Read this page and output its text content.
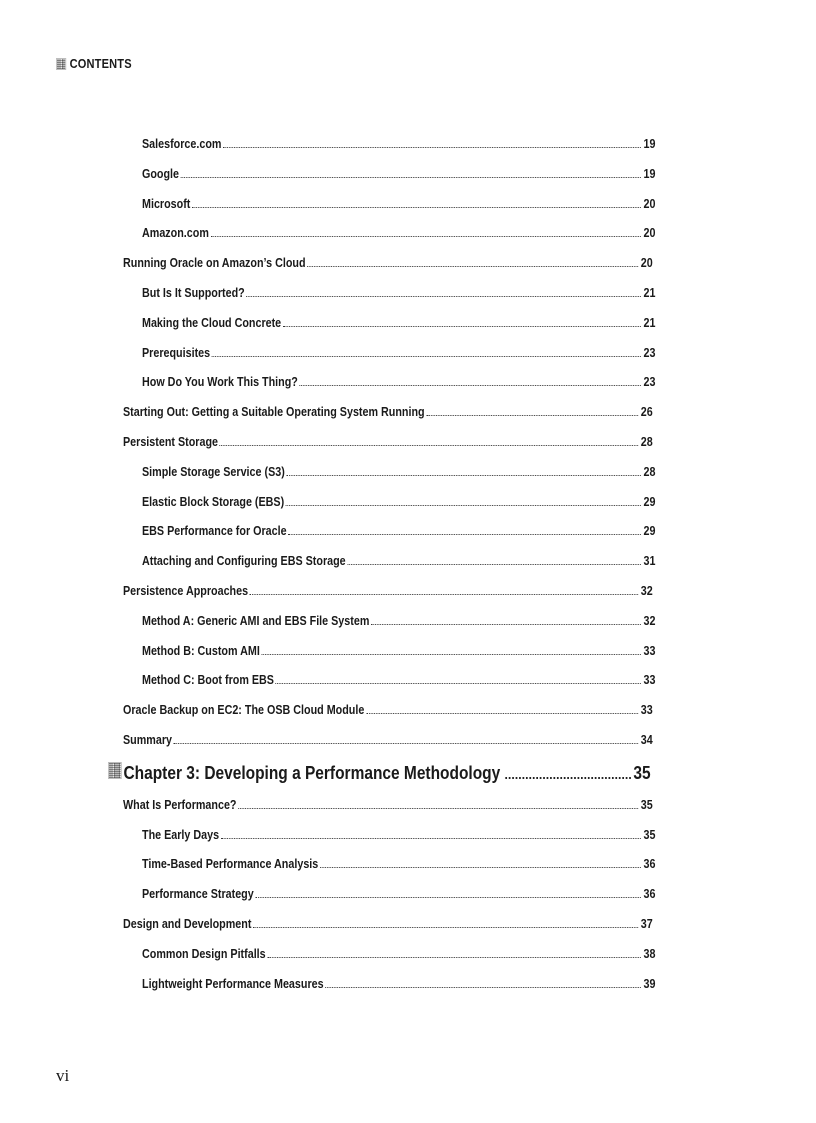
CONTENTS
Salesforce.com	19
Google	19
Microsoft	20
Amazon.com	20
Running Oracle on Amazon’s Cloud	20
But Is It Supported?	21
Making the Cloud Concrete	21
Prerequisites	23
How Do You Work This Thing?	23
Starting Out: Getting a Suitable Operating System Running	26
Persistent Storage	28
Simple Storage Service (S3)	28
Elastic Block Storage (EBS)	29
EBS Performance for Oracle	29
Attaching and Configuring EBS Storage	31
Persistence Approaches	32
Method A: Generic AMI and EBS File System	32
Method B: Custom AMI	33
Method C: Boot from EBS	33
Oracle Backup on EC2: The OSB Cloud Module	33
Summary	34
Chapter 3: Developing a Performance Methodology	35
What Is Performance?	35
The Early Days	35
Time-Based Performance Analysis	36
Performance Strategy	36
Design and Development	37
Common Design Pitfalls	38
Lightweight Performance Measures	39
vi
